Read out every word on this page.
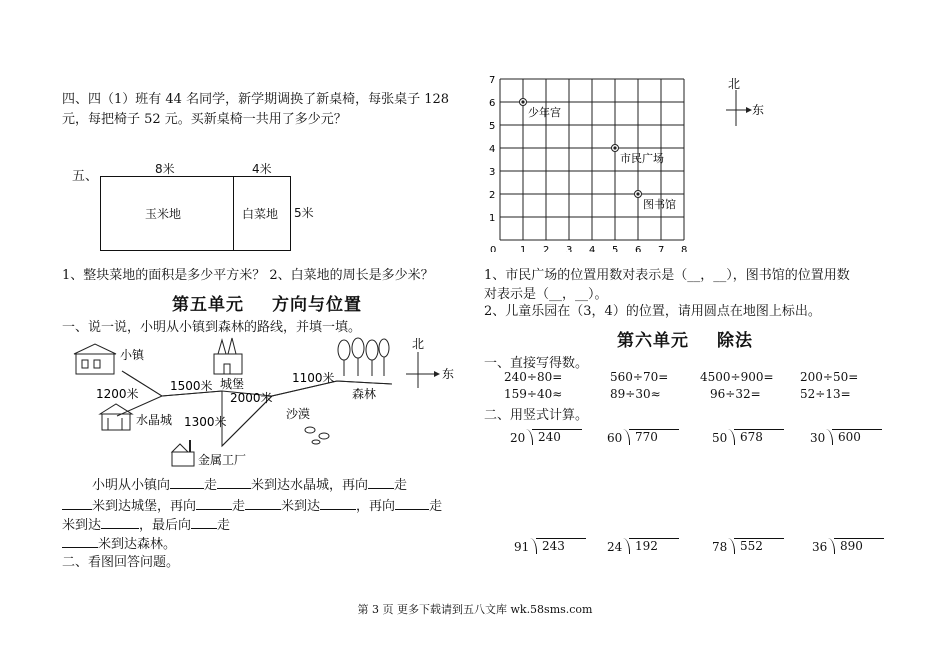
四、四（1）班有 44 名同学，新学期调换了新桌椅，每张桌子 128
元，每把椅子 52 元。买新桌椅一共用了多少元？
五、	8米	4米
玉米地	白菜地 5米
1、整块菜地的面积是多少平方米？ 2、白菜地的周长是多少米？
第五单元 方向与位置
一、说一说，小明从小镇到森林的路线，并填一填。
小镇
城堡
水晶城
金属工厂
沙漠
森林
1200米
1500米
1300米
2000米
1100米
北
东
小明从小镇向	走	米到达水晶城，再向 走
米到达城堡，再向	走	米到达	，再向	走
米到达	，最后向 走
米到达森林。
二、看图回答问题。
0 1 2 3 4 5 6 7 8
1
2
3
4
5
6
7
少年宫
市民广场
图书馆
北
东
1、市民广场的位置用数对表示是（__，__），图书馆的位置用数
对表示是（__，__）。
2、儿童乐园在（3，4）的位置，请用圆点在地图上标出。
第六单元 除法
一、直接写得数。
240÷80=	560÷70=	4500÷900= 200÷50=
159÷40≈	89÷30≈	96÷32=	52÷13=
二、用竖式计算。
20	240	60	770	50	678	30	600
91	243	24	192	78	552	36	890
第 3 页 更多下载请到五八文库 wk.58sms.com
